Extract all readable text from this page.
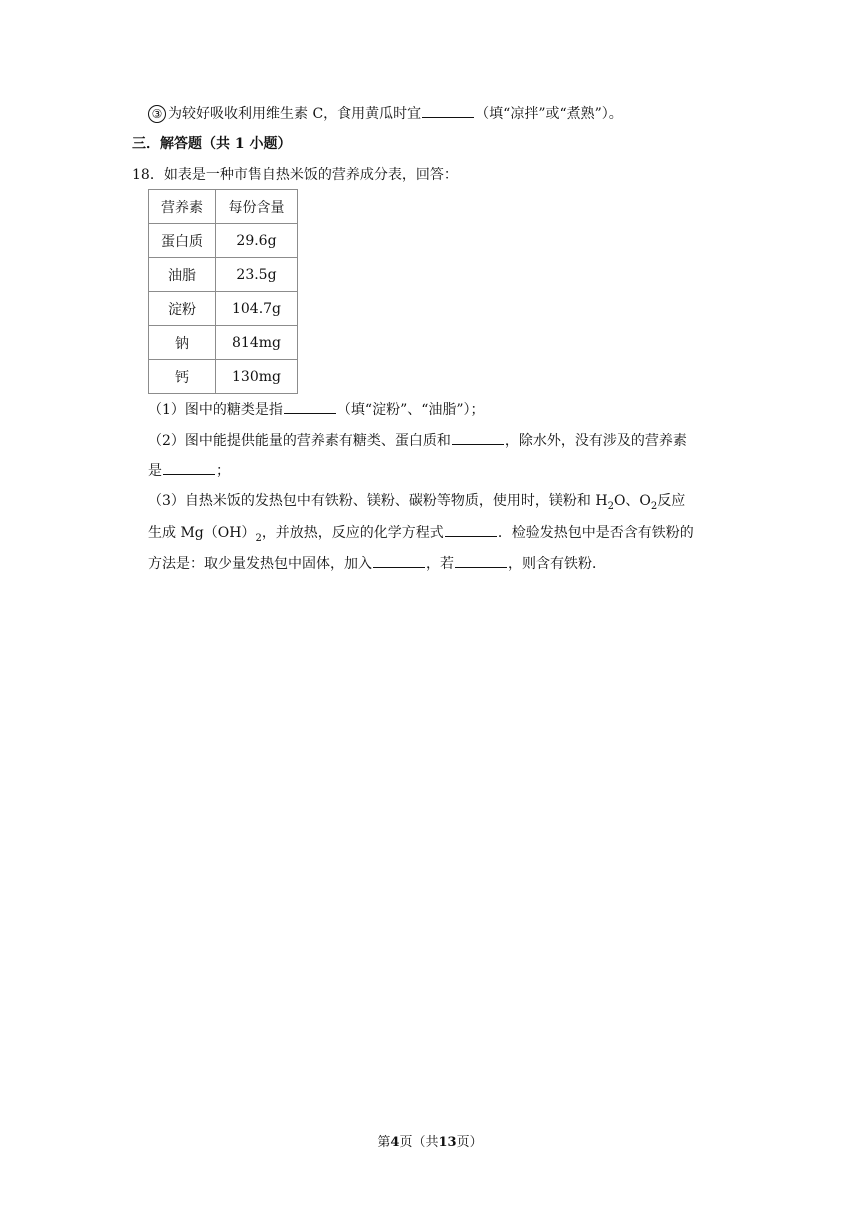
③ 为较好吸收利用维生素 C，食用黄瓜时宜	（填“凉拌”或“煮熟”）。
三．解答题（共 1 小题）
18．如表是一种市售自热米饭的营养成分表，回答：
营养素	每份含量
蛋白质	29.6g
油脂	23.5g
淀粉	104.7g
钠	814mg
钙	130mg
（1）图中的糖类是指	（填“淀粉”、“油脂”）；
（2）图中能提供能量的营养素有糖类、蛋白质和	，除水外，没有涉及的营养素
是	；
（3）自热米饭的发热包中有铁粉、镁粉、碳粉等物质，使用时，镁粉和 $H_2O$、$O_2$反应
生成 $Mg(OH)_2$，并放热，反应的化学方程式	．检验发热包中是否含有铁粉的
方法是：取少量发热包中固体，加入	，若	，则含有铁粉．
第4页（共13页）
